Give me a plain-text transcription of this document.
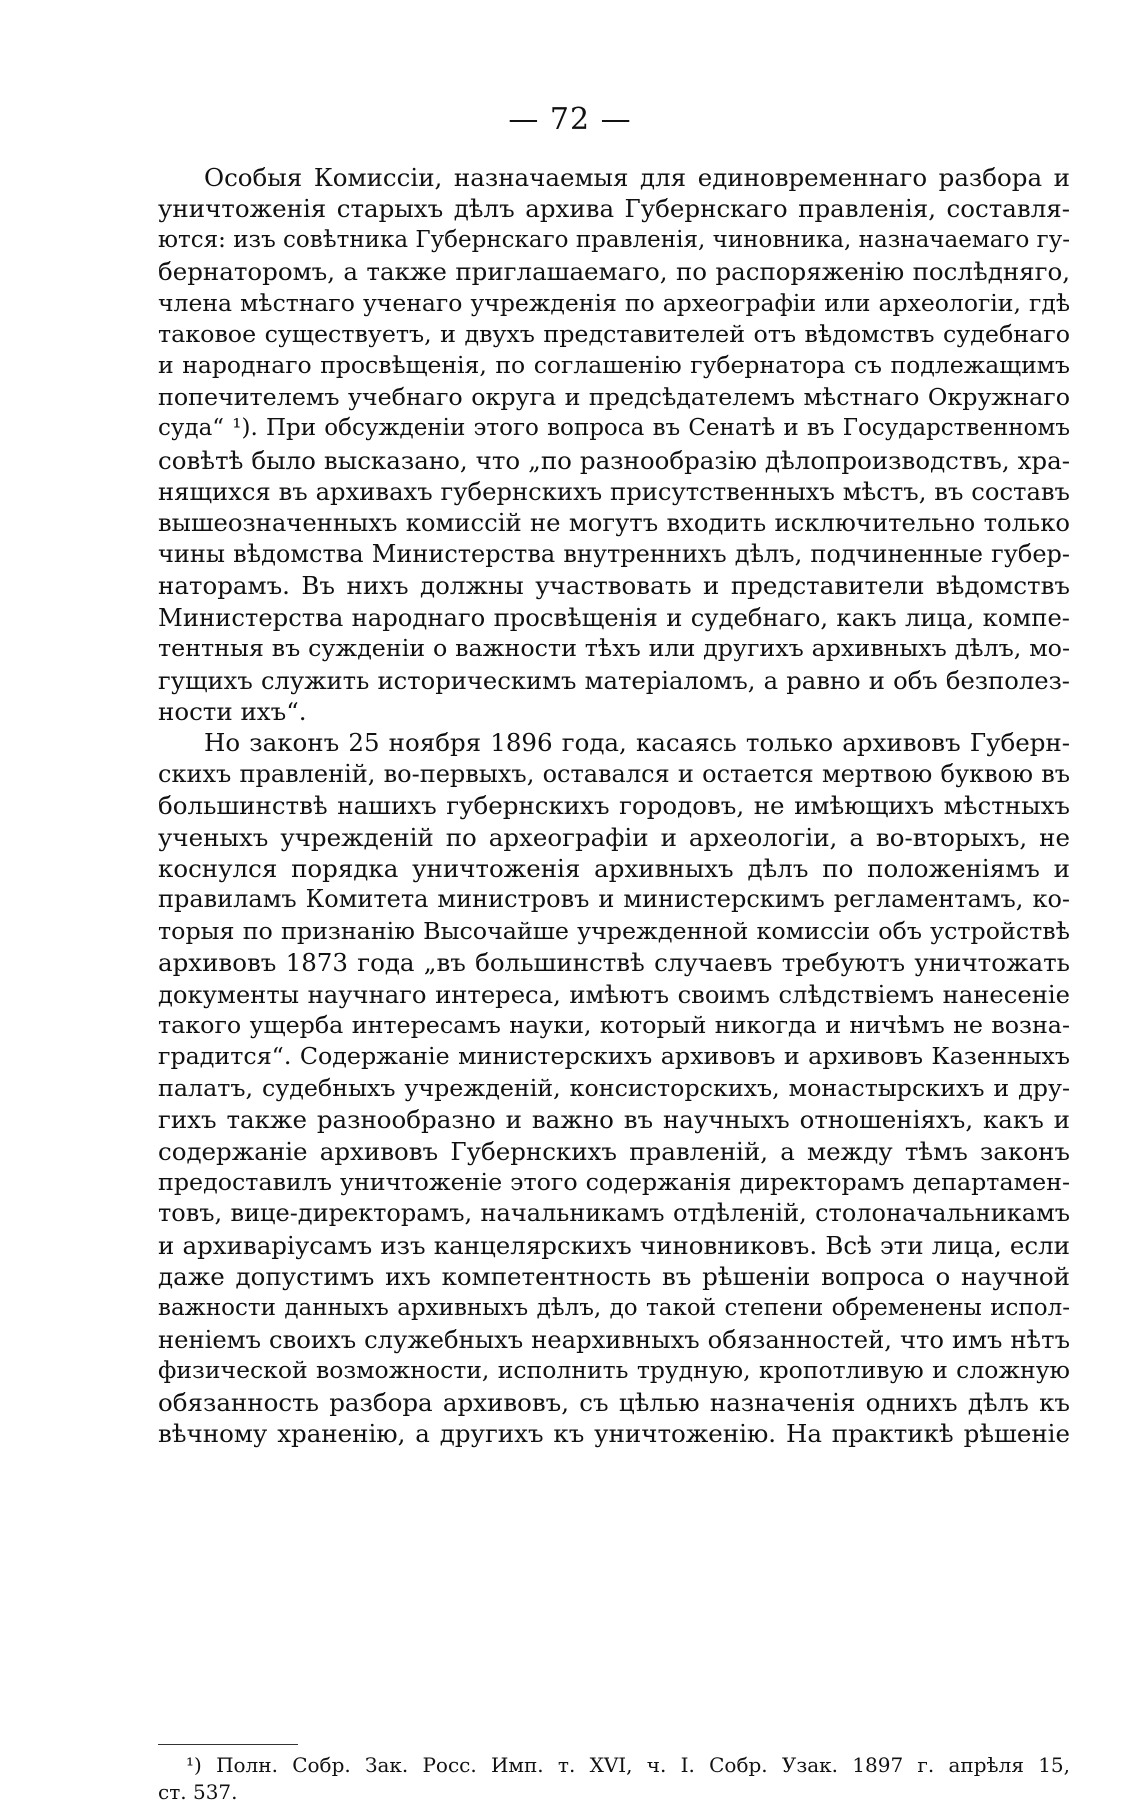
— 72 —
Особыя Комиссіи, назначаемыя для единовременнаго разбора и
уничтоженія старыхъ дѣлъ архива Губернскаго правленія, составля-
ются: изъ совѣтника Губернскаго правленія, чиновника, назначаемаго гу-
бернаторомъ, а также приглашаемаго, по распоряженію послѣдняго,
члена мѣстнаго ученаго учрежденія по археографіи или археологіи, гдѣ
таковое существуетъ, и двухъ представителей отъ вѣдомствъ судебнаго
и народнаго просвѣщенія, по соглашенію губернатора съ подлежащимъ
попечителемъ учебнаго округа и предсѣдателемъ мѣстнаго Окружнаго
суда“ ¹). При обсужденіи этого вопроса въ Сенатѣ и въ Государственномъ
совѣтѣ было высказано, что „по разнообразію дѣлопроизводствъ, хра-
нящихся въ архивахъ губернскихъ присутственныхъ мѣстъ, въ составъ
вышеозначенныхъ комиссій не могутъ входить исключительно только
чины вѣдомства Министерства внутреннихъ дѣлъ, подчиненные губер-
наторамъ. Въ нихъ должны участвовать и представители вѣдомствъ
Министерства народнаго просвѣщенія и судебнаго, какъ лица, компе-
тентныя въ сужденіи о важности тѣхъ или другихъ архивныхъ дѣлъ, мо-
гущихъ служить историческимъ матеріаломъ, а равно и объ безполез-
ности ихъ“.
Но законъ 25 ноября 1896 года, касаясь только архивовъ Губерн-
скихъ правленій, во-первыхъ, оставался и остается мертвою буквою въ
большинствѣ нашихъ губернскихъ городовъ, не имѣющихъ мѣстныхъ
ученыхъ учрежденій по археографіи и археологіи, а во-вторыхъ, не
коснулся порядка уничтоженія архивныхъ дѣлъ по положеніямъ и
правиламъ Комитета министровъ и министерскимъ регламентамъ, ко-
торыя по признанію Высочайше учрежденной комиссіи объ устройствѣ
архивовъ 1873 года „въ большинствѣ случаевъ требуютъ уничтожать
документы научнаго интереса, имѣютъ своимъ слѣдствіемъ нанесеніе
такого ущерба интересамъ науки, который никогда и ничѣмъ не возна-
градится“. Содержаніе министерскихъ архивовъ и архивовъ Казенныхъ
палатъ, судебныхъ учрежденій, консисторскихъ, монастырскихъ и дру-
гихъ также разнообразно и важно въ научныхъ отношеніяхъ, какъ и
содержаніе архивовъ Губернскихъ правленій, а между тѣмъ законъ
предоставилъ уничтоженіе этого содержанія директорамъ департамен-
товъ, вице-директорамъ, начальникамъ отдѣленій, столоначальникамъ
и архиваріусамъ изъ канцелярскихъ чиновниковъ. Всѣ эти лица, если
даже допустимъ ихъ компетентность въ рѣшеніи вопроса о научной
важности данныхъ архивныхъ дѣлъ, до такой степени обременены испол-
неніемъ своихъ служебныхъ неархивныхъ обязанностей, что имъ нѣтъ
физической возможности, исполнить трудную, кропотливую и сложную
обязанность разбора архивовъ, съ цѣлью назначенія однихъ дѣлъ къ
вѣчному храненію, а другихъ къ уничтоженію. На практикѣ рѣшеніе
¹) Полн. Собр. Зак. Росс. Имп. т. XVI, ч. I. Собр. Узак. 1897 г. апрѣля 15,
ст. 537.
